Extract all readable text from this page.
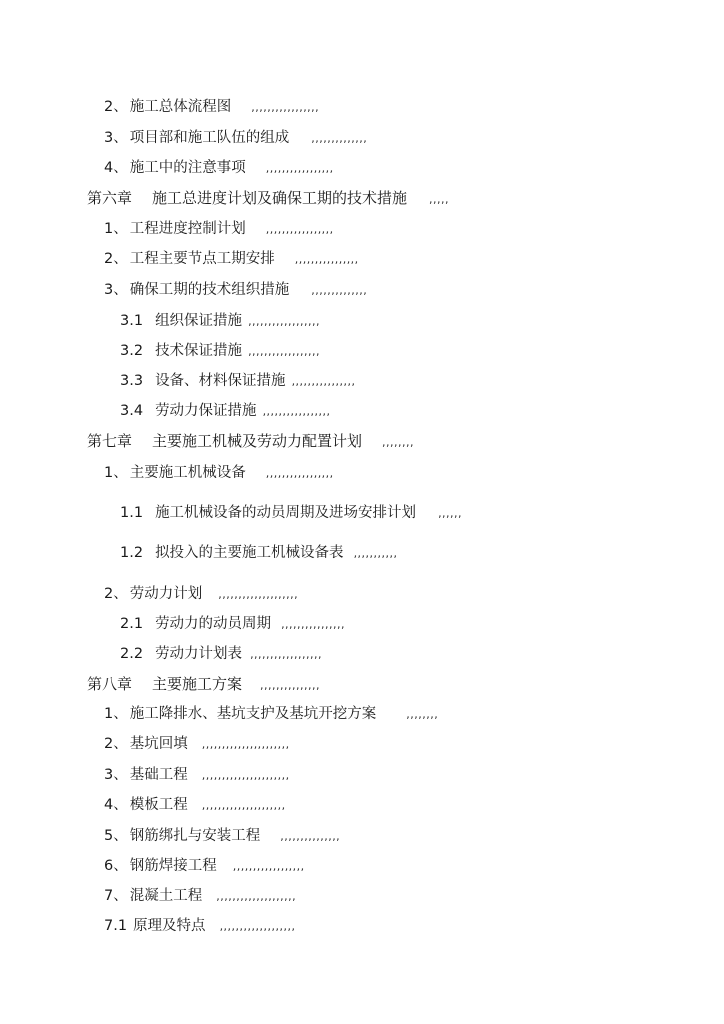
2、 施工总体流程图 ,,,,,,,,,,,,,,,,,
3、 项目部和施工队伍的组成 ,,,,,,,,,,,,,,
4、 施工中的注意事项 ,,,,,,,,,,,,,,,,,
第六章 施工总进度计划及确保工期的技术措施 ,,,,,
1、 工程进度控制计划 ,,,,,,,,,,,,,,,,,
2、 工程主要节点工期安排 ,,,,,,,,,,,,,,,,
3、 确保工期的技术组织措施 ,,,,,,,,,,,,,,
3.1 组织保证措施 ,,,,,,,,,,,,,,,,,,
3.2 技术保证措施 ,,,,,,,,,,,,,,,,,,
3.3 设备、材料保证措施 ,,,,,,,,,,,,,,,,
3.4 劳动力保证措施 ,,,,,,,,,,,,,,,,,
第七章 主要施工机械及劳动力配置计划 ,,,,,,,,
1、 主要施工机械设备 ,,,,,,,,,,,,,,,,,
1.1 施工机械设备的动员周期及进场安排计划 ,,,,,,
1.2 拟投入的主要施工机械设备表 ,,,,,,,,,,,
2、 劳动力计划 ,,,,,,,,,,,,,,,,,,,,
2.1 劳动力的动员周期 ,,,,,,,,,,,,,,,,
2.2 劳动力计划表 ,,,,,,,,,,,,,,,,,,
第八章 主要施工方案 ,,,,,,,,,,,,,,,
1、 施工降排水、基坑支护及基坑开挖方案	,,,,,,,,
2、 基坑回填 ,,,,,,,,,,,,,,,,,,,,,,
3、 基础工程 ,,,,,,,,,,,,,,,,,,,,,,
4、 模板工程 ,,,,,,,,,,,,,,,,,,,,,
5、 钢筋绑扎与安装工程 ,,,,,,,,,,,,,,,
6、 钢筋焊接工程 ,,,,,,,,,,,,,,,,,,
7、 混凝土工程 ,,,,,,,,,,,,,,,,,,,,
7.1 原理及特点 ,,,,,,,,,,,,,,,,,,,
